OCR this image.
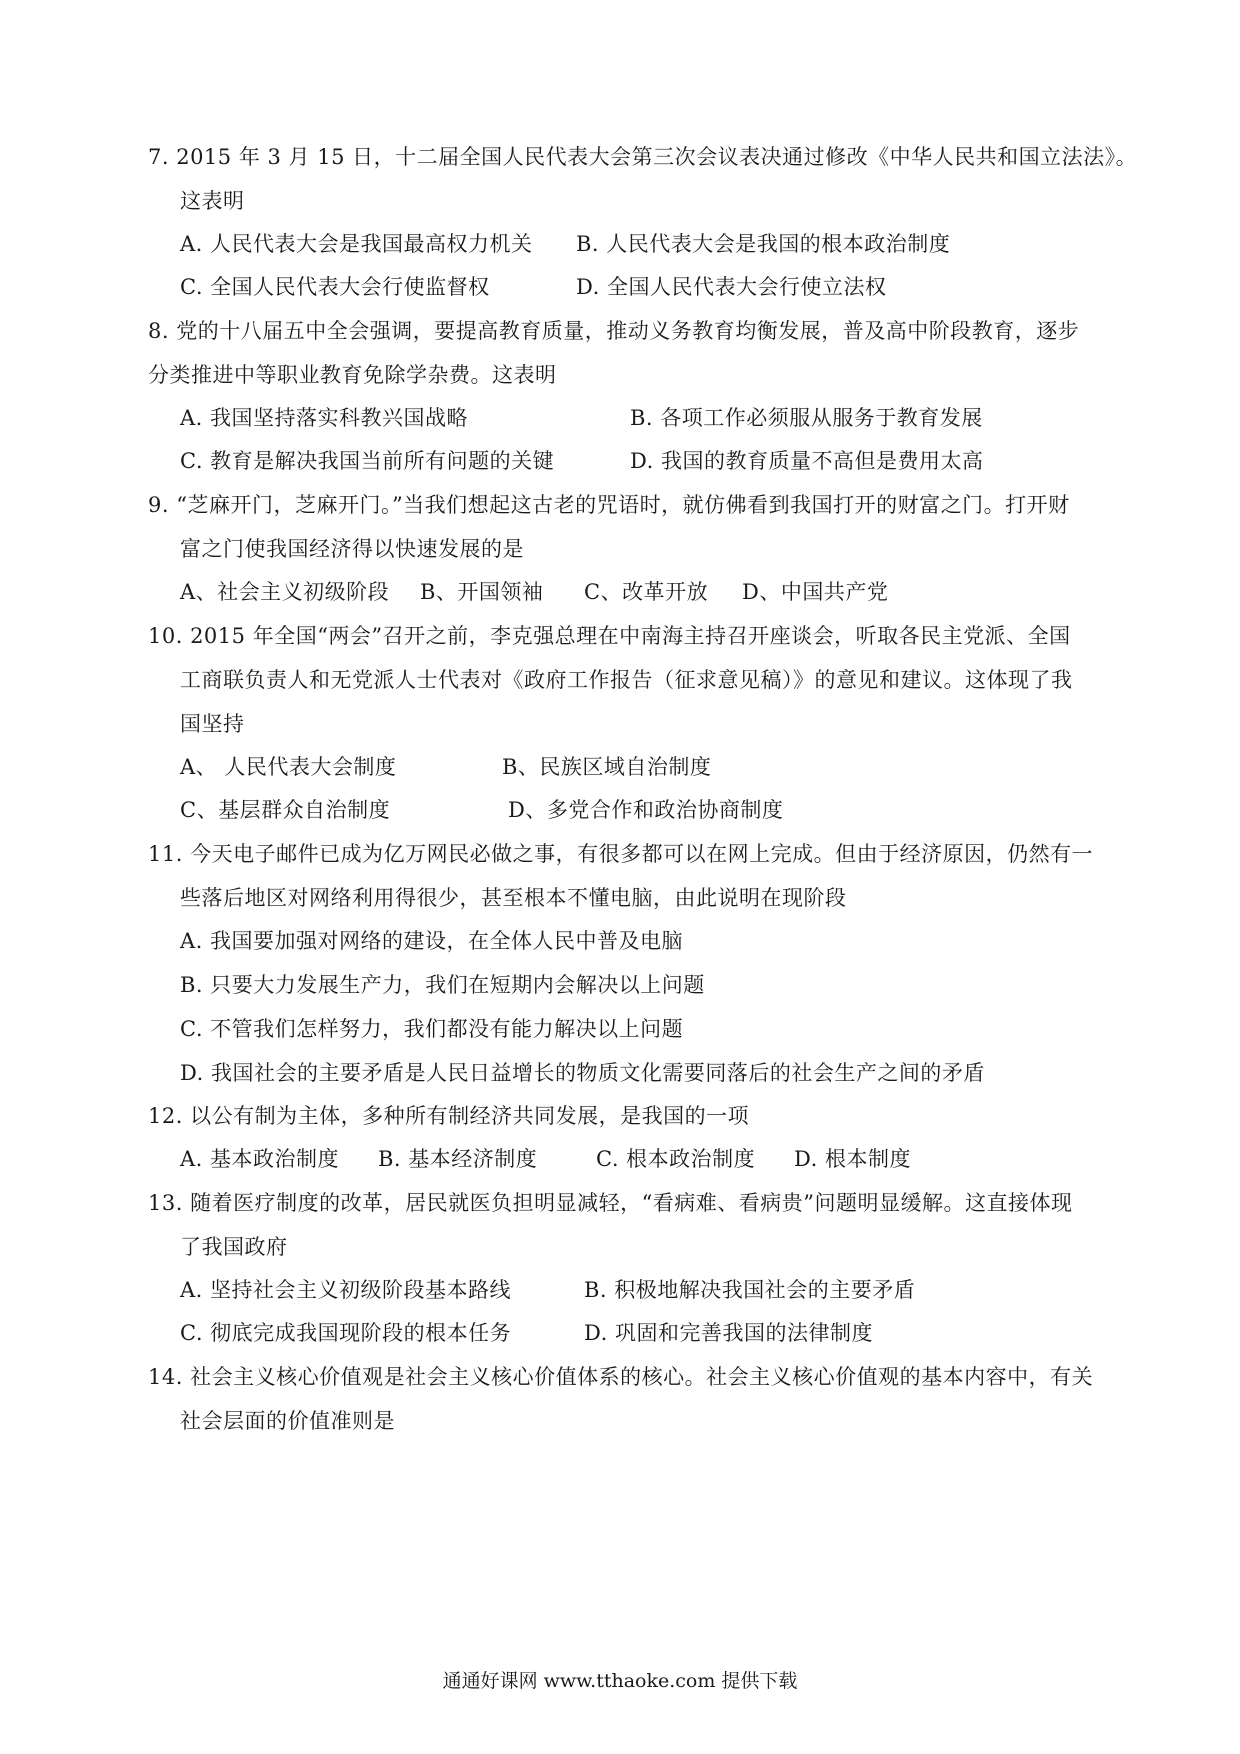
7. 2015 年 3 月 15 日，十二届全国人民代表大会第三次会议表决通过修改《中华人民共和国立法法》。
这表明
A. 人民代表大会是我国最高权力机关 B. 人民代表大会是我国的根本政治制度
C. 全国人民代表大会行使监督权	D. 全国人民代表大会行使立法权
8. 党的十八届五中全会强调，要提高教育质量，推动义务教育均衡发展，普及高中阶段教育，逐步
分类推进中等职业教育免除学杂费。这表明
A. 我国坚持落实科教兴国战略	B. 各项工作必须服从服务于教育发展
C. 教育是解决我国当前所有问题的关键	D. 我国的教育质量不高但是费用太高
9. “芝麻开门，芝麻开门。”当我们想起这古老的咒语时，就仿佛看到我国打开的财富之门。打开财
富之门使我国经济得以快速发展的是
A、社会主义初级阶段 B、开国领袖 C、改革开放 D、中国共产党
10. 2015 年全国“两会”召开之前，李克强总理在中南海主持召开座谈会，听取各民主党派、全国
工商联负责人和无党派人士代表对《政府工作报告（征求意见稿）》的意见和建议。这体现了我
国坚持
A、 人民代表大会制度	B、民族区域自治制度
C、基层群众自治制度	D、多党合作和政治协商制度
11. 今天电子邮件已成为亿万网民必做之事，有很多都可以在网上完成。但由于经济原因，仍然有一
些落后地区对网络利用得很少，甚至根本不懂电脑，由此说明在现阶段
A. 我国要加强对网络的建设，在全体人民中普及电脑
B. 只要大力发展生产力，我们在短期内会解决以上问题
C. 不管我们怎样努力，我们都没有能力解决以上问题
D. 我国社会的主要矛盾是人民日益增长的物质文化需要同落后的社会生产之间的矛盾
12. 以公有制为主体，多种所有制经济共同发展，是我国的一项
A. 基本政治制度 B. 基本经济制度	C. 根本政治制度 D. 根本制度
13. 随着医疗制度的改革，居民就医负担明显减轻，“看病难、看病贵”问题明显缓解。这直接体现
了我国政府
A. 坚持社会主义初级阶段基本路线	B. 积极地解决我国社会的主要矛盾
C. 彻底完成我国现阶段的根本任务	D. 巩固和完善我国的法律制度
14. 社会主义核心价值观是社会主义核心价值体系的核心。社会主义核心价值观的基本内容中，有关
社会层面的价值准则是
通通好课网 www.tthaoke.com 提供下载
